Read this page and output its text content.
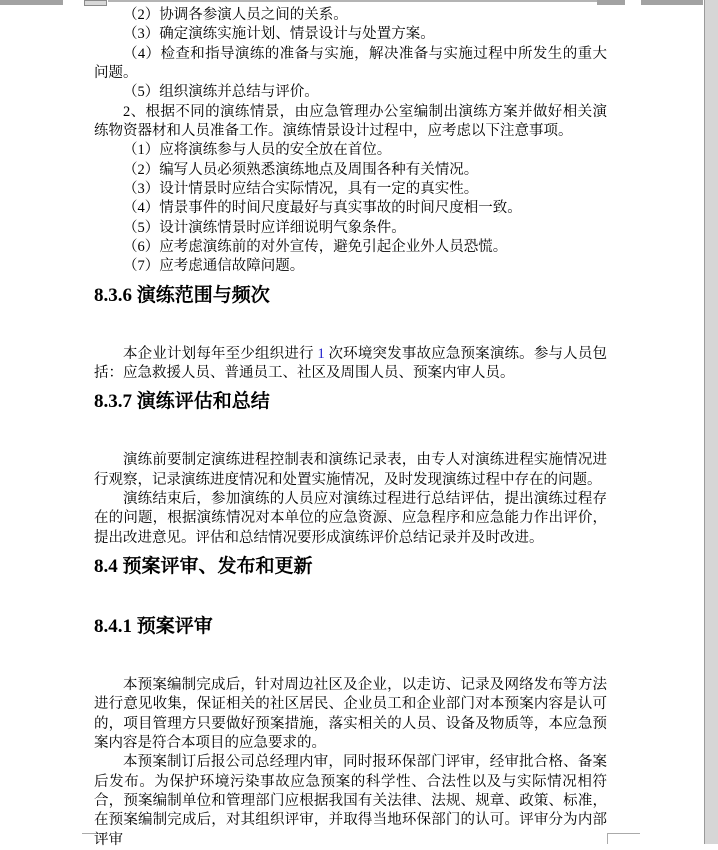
（2）协调各参演人员之间的关系。

（3）确定演练实施计划、情景设计与处置方案。

（4）检查和指导演练的准备与实施，解决准备与实施过程中所发生的重大问题。

（5）组织演练并总结与评价。

2、根据不同的演练情景，由应急管理办公室编制出演练方案并做好相关演练物资器材和人员准备工作。演练情景设计过程中，应考虑以下注意事项。

（1）应将演练参与人员的安全放在首位。

（2）编写人员必须熟悉演练地点及周围各种有关情况。

（3）设计情景时应结合实际情况，具有一定的真实性。

（4）情景事件的时间尺度最好与真实事故的时间尺度相一致。

（5）设计演练情景时应详细说明气象条件。

（6）应考虑演练前的对外宣传，避免引起企业外人员恐慌。

（7）应考虑通信故障问题。

8.3.6 演练范围与频次

本企业计划每年至少组织进行 1 次环境突发事故应急预案演练。参与人员包括：应急救援人员、普通员工、社区及周围人员、预案内审人员。

8.3.7 演练评估和总结

演练前要制定演练进程控制表和演练记录表，由专人对演练进程实施情况进行观察，记录演练进度情况和处置实施情况，及时发现演练过程中存在的问题。

演练结束后，参加演练的人员应对演练过程进行总结评估，提出演练过程存在的问题，根据演练情况对本单位的应急资源、应急程序和应急能力作出评价，提出改进意见。评估和总结情况要形成演练评价总结记录并及时改进。

8.4 预案评审、发布和更新
8.4.1 预案评审

本预案编制完成后，针对周边社区及企业，以走访、记录及网络发布等方法进行意见收集，保证相关的社区居民、企业员工和企业部门对本预案内容是认可的，项目管理方只要做好预案措施，落实相关的人员、设备及物质等，本应急预案内容是符合本项目的应急要求的。

本预案制订后报公司总经理内审，同时报环保部门评审，经审批合格、备案后发布。为保护环境污染事故应急预案的科学性、合法性以及与实际情况相符合，预案编制单位和管理部门应根据我国有关法律、法规、规章、政策、标准，在预案编制完成后，对其组织评审，并取得当地环保部门的认可。评审分为内部评审
